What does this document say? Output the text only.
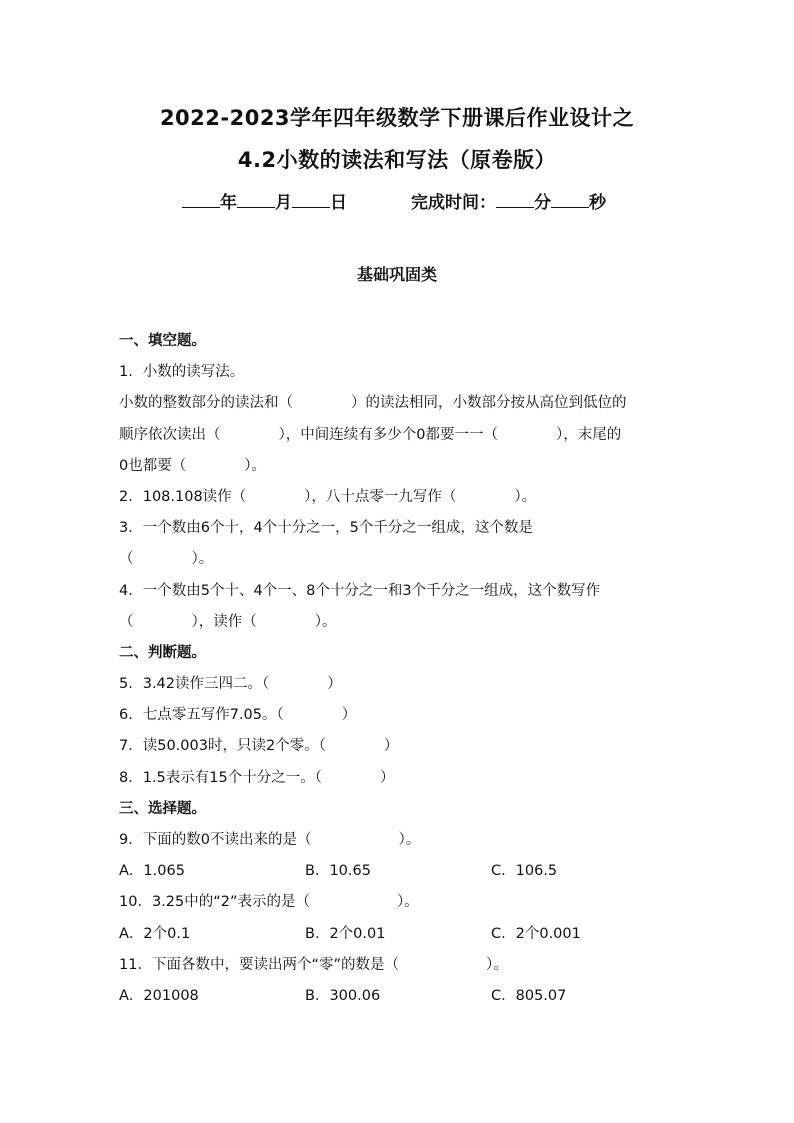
2022-2023学年四年级数学下册课后作业设计之
4.2小数的读法和写法（原卷版）
年 月 日	完成时间： 分 秒
基础巩固类
一、填空题。
1．小数的读写法。
小数的整数部分的读法和（　　　　）的读法相同，小数部分按从高位到低位的
顺序依次读出（　　　　），中间连续有多少个0都要一一（　　　　），末尾的
0也都要（　　　　）。
2．108.108读作（　　　　），八十点零一九写作（　　　　）。
3．一个数由6个十，4个十分之一，5个千分之一组成，这个数是
（　　　　）。
4．一个数由5个十、4个一、8个十分之一和3个千分之一组成，这个数写作
（　　　　），读作（　　　　）。
二、判断题。
5．3.42读作三四二。（　　　　）
6．七点零五写作7.05。（　　　　）
7．读50.003时，只读2个零。（　　　　）
8．1.5表示有15个十分之一。（　　　　）
三、选择题。
9．下面的数0不读出来的是（　　　　　　）。
A．1.065	B．10.65	C．106.5
10．3.25中的“2”表示的是（　　　　　　）。
A．2个0.1	B．2个0.01	C．2个0.001
11．下面各数中，要读出两个“零”的数是（　　　　　　）。
A．201008	B．300.06	C．805.07
